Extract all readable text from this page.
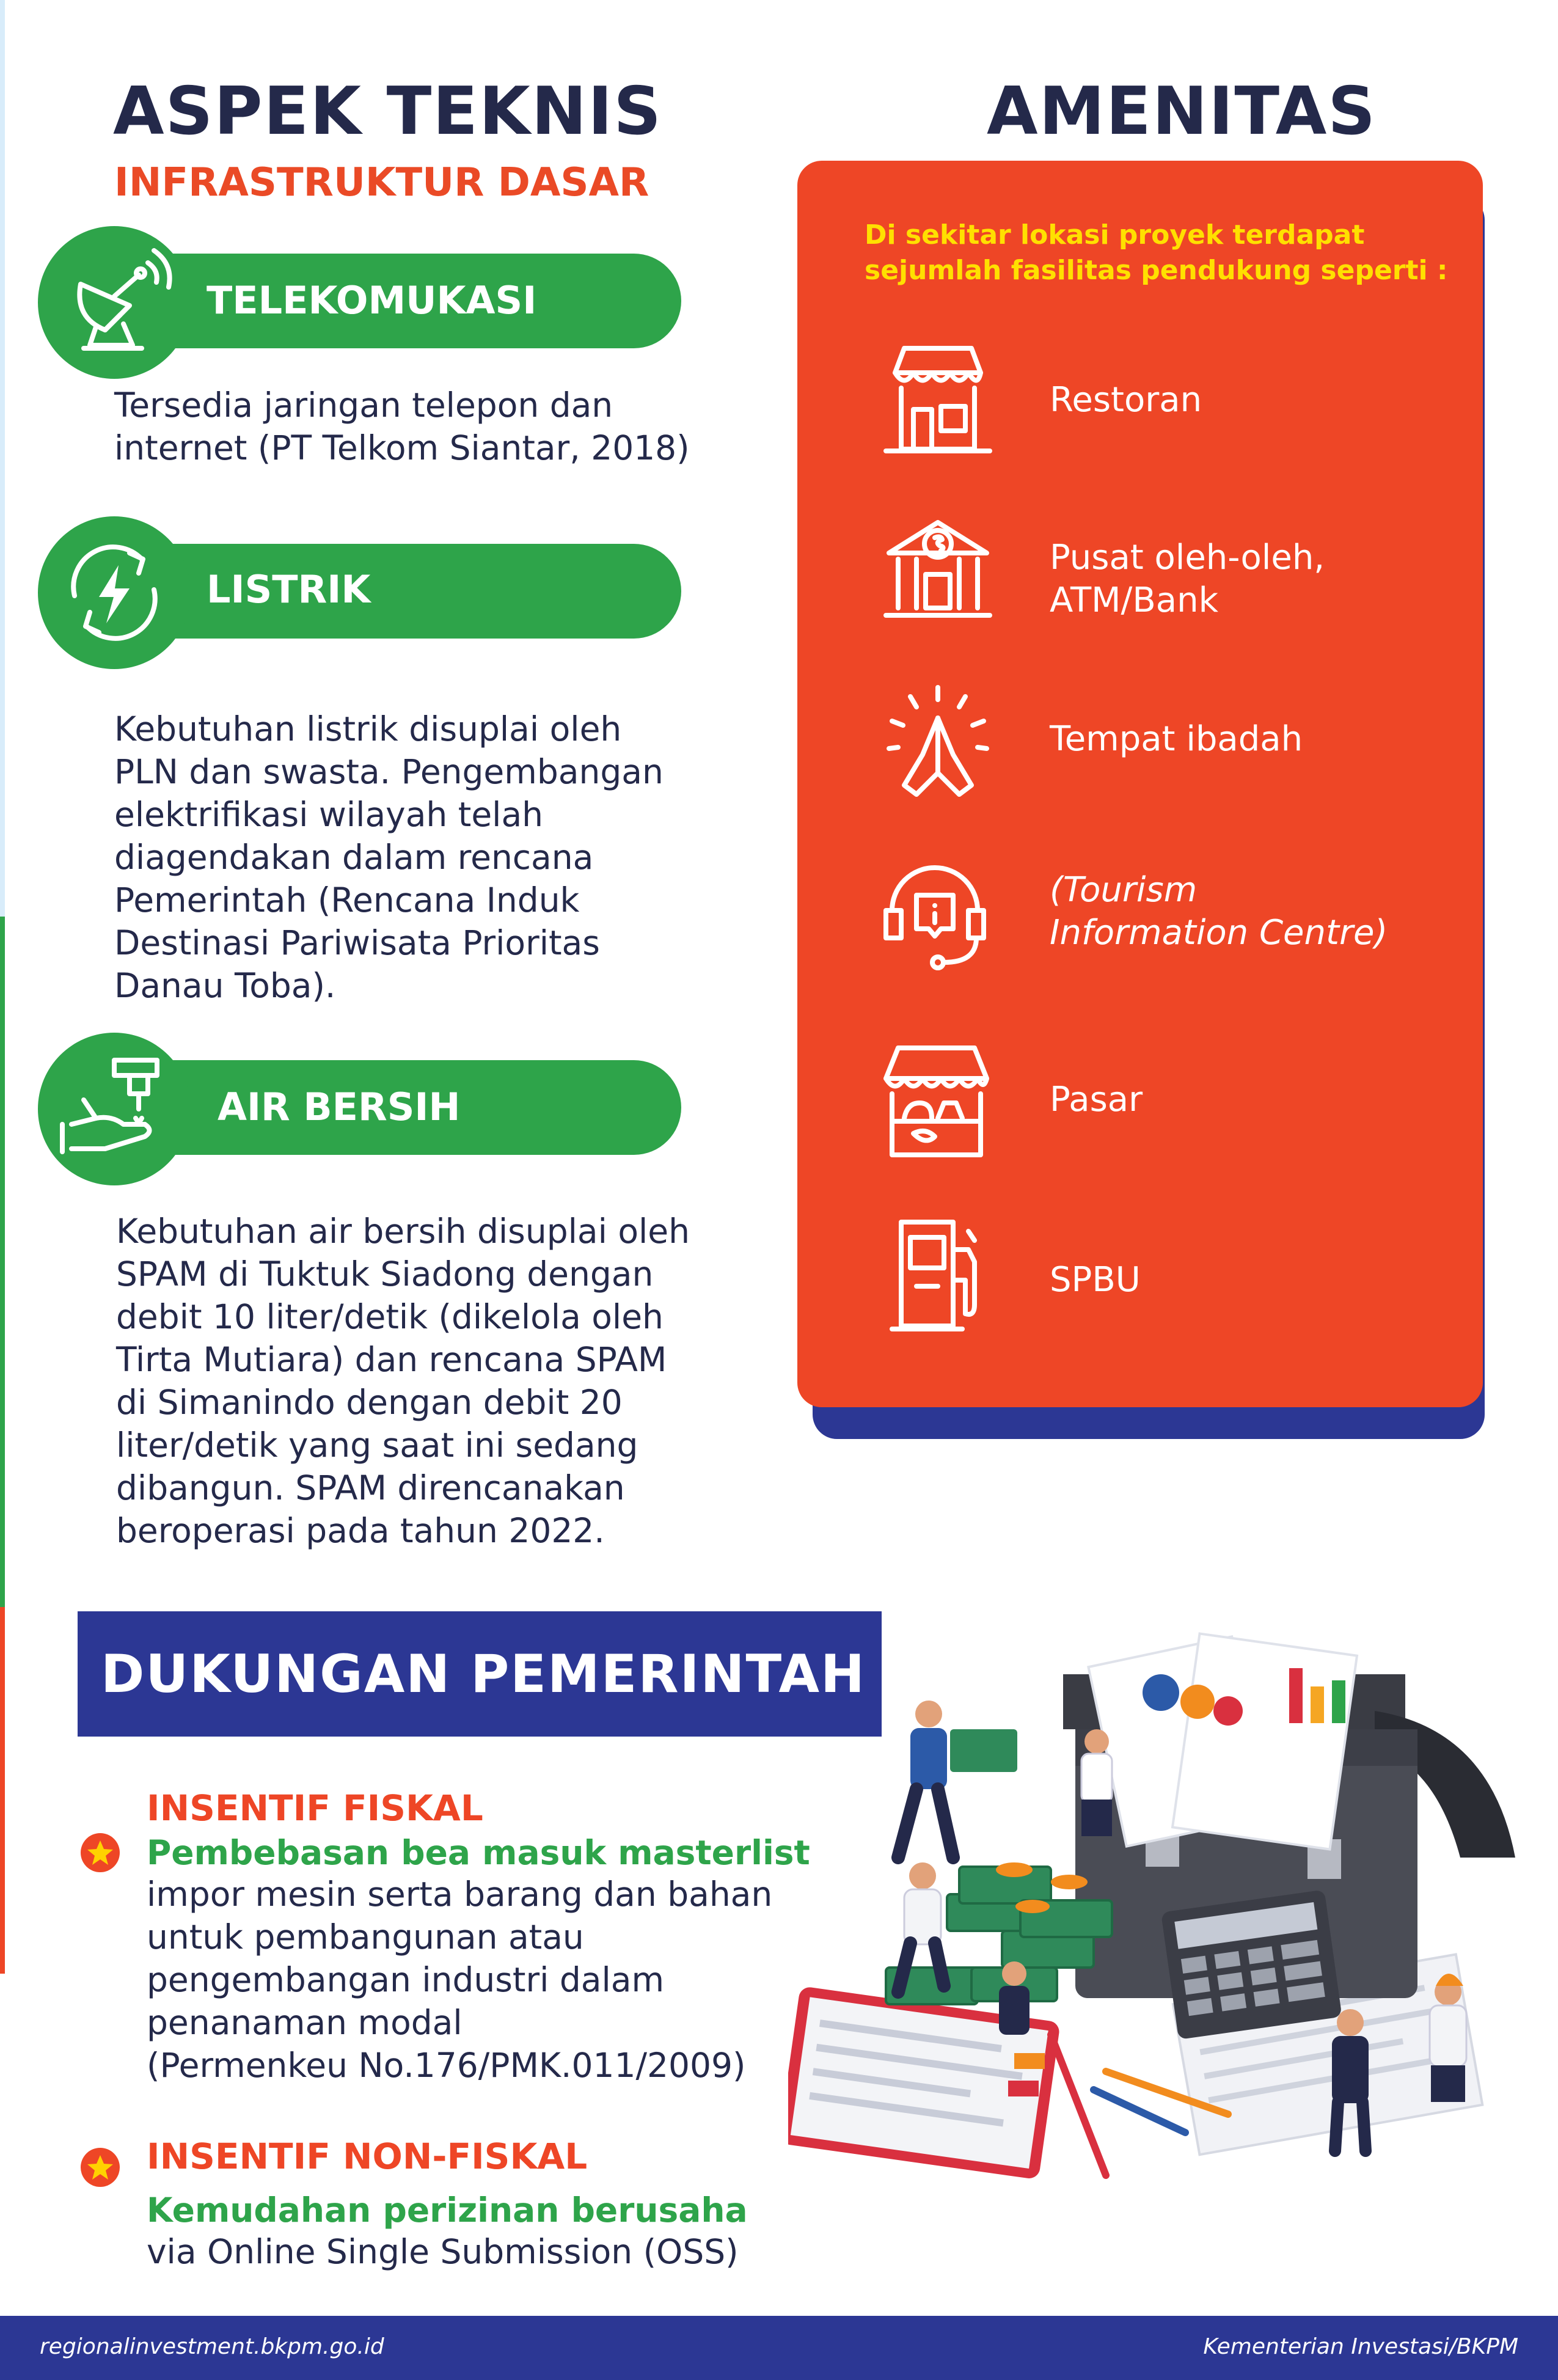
ASPEK TEKNIS
INFRASTRUKTUR DASAR
TELEKOMUKASI
Tersedia jaringan telepon dan
internet (PT Telkom Siantar, 2018)
LISTRIK
Kebutuhan listrik disuplai oleh
PLN dan swasta. Pengembangan
elektrifikasi wilayah telah
diagendakan dalam rencana
Pemerintah (Rencana Induk
Destinasi Pariwisata Prioritas
Danau Toba).
AIR BERSIH
Kebutuhan air bersih disuplai oleh
SPAM di Tuktuk Siadong dengan
debit 10 liter/detik (dikelola oleh
Tirta Mutiara) dan rencana SPAM
di Simanindo dengan debit 20
liter/detik yang saat ini sedang
dibangun. SPAM direncanakan
beroperasi pada tahun 2022.
AMENITAS
Di sekitar lokasi proyek terdapat
sejumlah fasilitas pendukung seperti :
Restoran
Pusat oleh-oleh,
ATM/Bank
Tempat ibadah
(Tourism
Information Centre)
Pasar
SPBU
DUKUNGAN PEMERINTAH
INSENTIF FISKAL
Pembebasan bea masuk masterlist
impor mesin serta barang dan bahan
untuk pembangunan atau
pengembangan industri dalam
penanaman modal
(Permenkeu No.176/PMK.011/2009)
INSENTIF NON-FISKAL
Kemudahan perizinan berusaha
via Online Single Submission (OSS)
regionalinvestment.bkpm.go.id	Kementerian Investasi/BKPM
